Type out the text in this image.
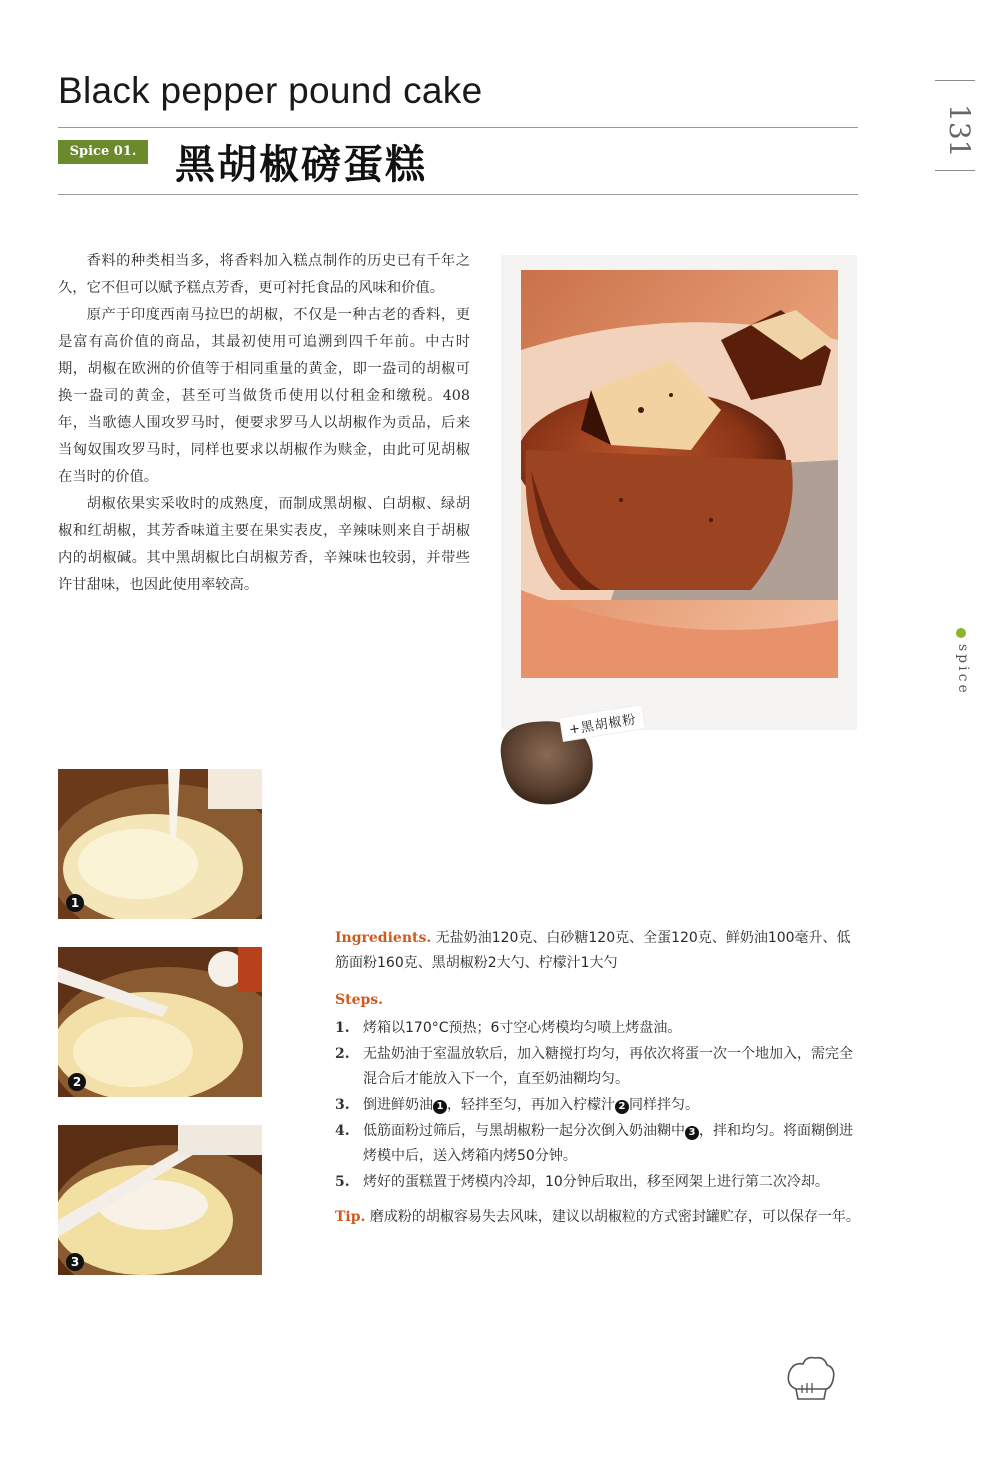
Black pepper pound cake
Spice 01. 黑胡椒磅蛋糕
131
spice

香料的种类相当多，将香料加入糕点制作的历史已有千年之久，它不但可以赋予糕点芳香，更可衬托食品的风味和价值。

原产于印度西南马拉巴的胡椒，不仅是一种古老的香料，更是富有高价值的商品，其最初使用可追溯到四千年前。中古时期，胡椒在欧洲的价值等于相同重量的黄金，即一盎司的胡椒可换一盎司的黄金，甚至可当做货币使用以付租金和缴税。408年，当歌德人围攻罗马时，便要求罗马人以胡椒作为贡品，后来当匈奴围攻罗马时，同样也要求以胡椒作为赎金，由此可见胡椒在当时的价值。

胡椒依果实采收时的成熟度，而制成黑胡椒、白胡椒、绿胡椒和红胡椒，其芳香味道主要在果实表皮，辛辣味则来自于胡椒内的胡椒碱。其中黑胡椒比白胡椒芳香，辛辣味也较弱，并带些许甘甜味，也因此使用率较高。

+黑胡椒粉
1
2
3
Ingredients. 无盐奶油120克、白砂糖120克、全蛋120克、鲜奶油100毫升、低筋面粉160克、黑胡椒粉2大勺、柠檬汁1大勺
Steps.
1. 烤箱以170°C预热；6寸空心烤模均匀喷上烤盘油。
2. 无盐奶油于室温放软后，加入糖搅打均匀，再依次将蛋一次一个地加入，需完全混合后才能放入下一个，直至奶油糊均匀。
3. 倒进鲜奶油 1 ，轻拌至匀，再加入柠檬汁 2 同样拌匀。
4. 低筋面粉过筛后，与黑胡椒粉一起分次倒入奶油糊中 3 ，拌和均匀。将面糊倒进烤模中后，送入烤箱内烤50分钟。
5. 烤好的蛋糕置于烤模内冷却，10分钟后取出，移至网架上进行第二次冷却。
Tip. 磨成粉的胡椒容易失去风味，建议以胡椒粒的方式密封罐贮存，可以保存一年。
